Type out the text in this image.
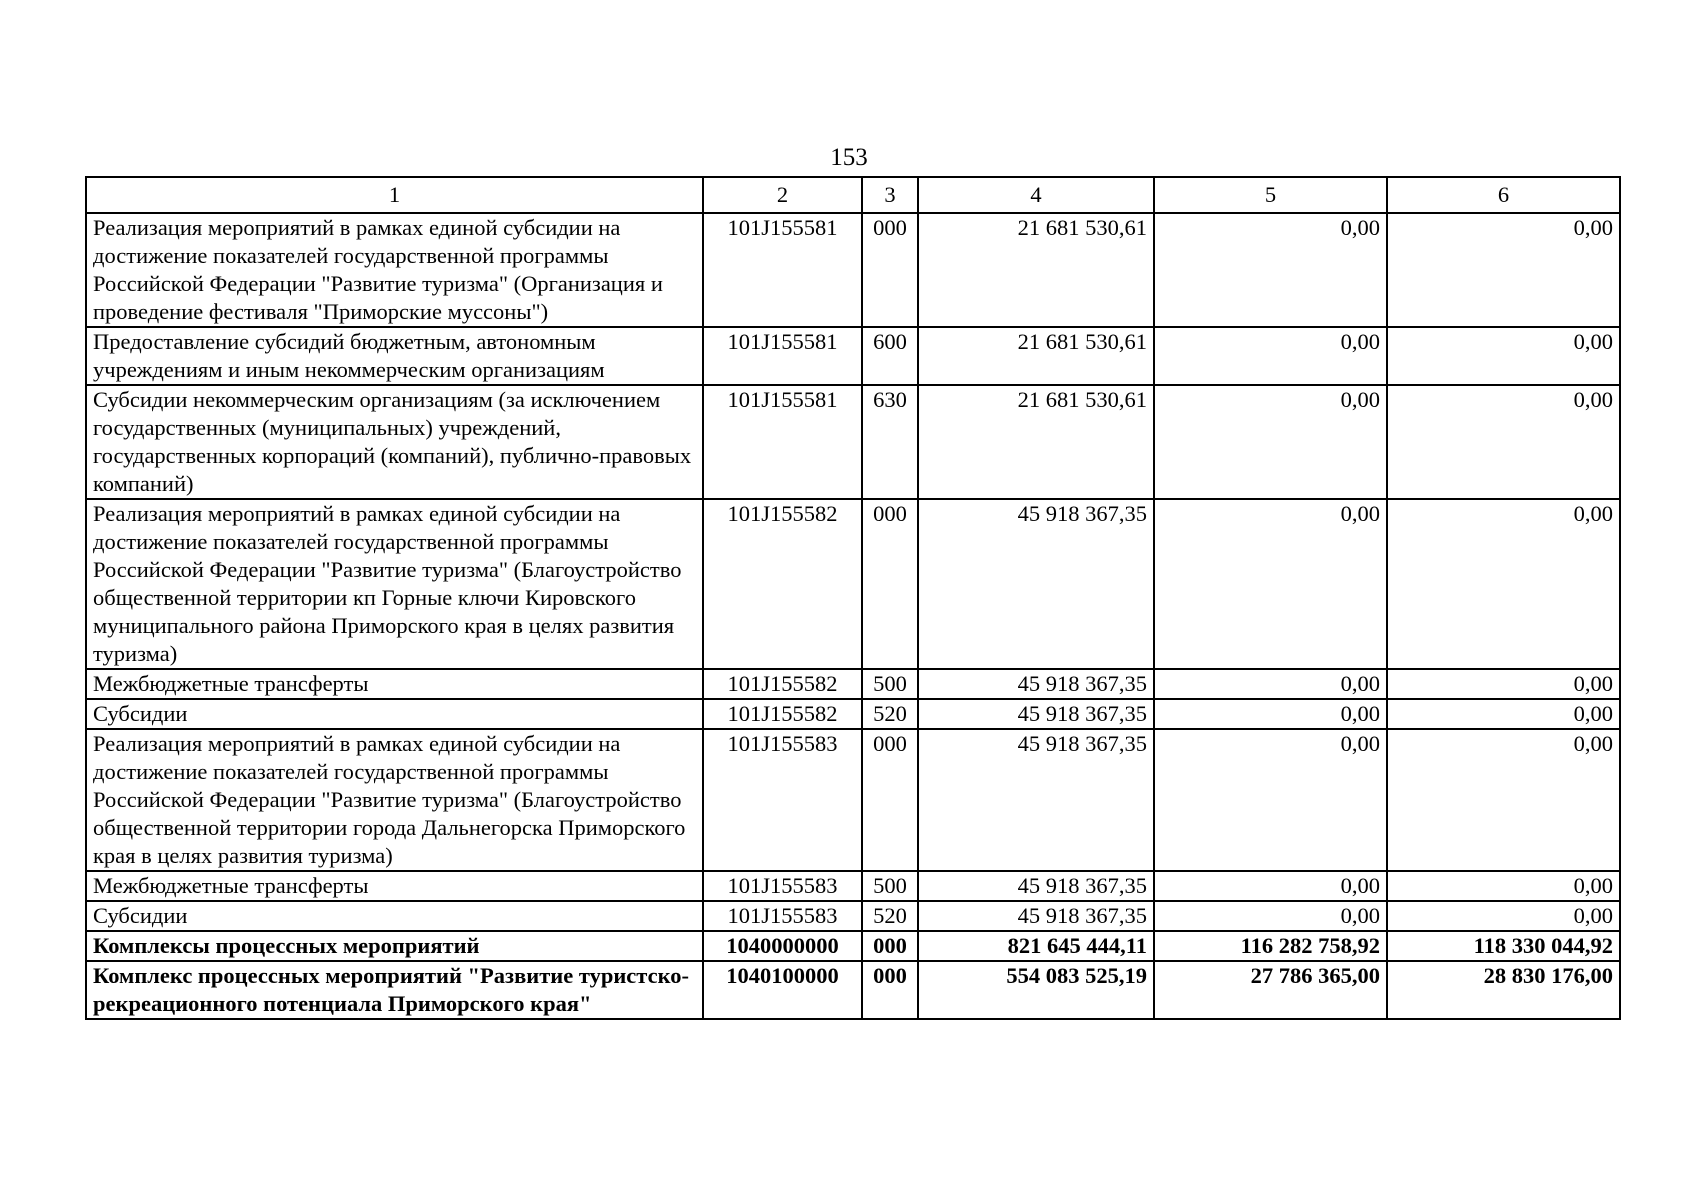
153
1	2	3	4	5	6
Реализация мероприятий в рамках единой субсидии на достижение показателей государственной программы Российской Федерации "Развитие туризма" (Организация и проведение фестиваля "Приморские муссоны")	101J155581	000	21 681 530,61	0,00	0,00
Предоставление субсидий бюджетным, автономным учреждениям и иным некоммерческим организациям	101J155581	600	21 681 530,61	0,00	0,00
Субсидии некоммерческим организациям (за исключением государственных (муниципальных) учреждений, государственных корпораций (компаний), публично-правовых компаний)	101J155581	630	21 681 530,61	0,00	0,00
Реализация мероприятий в рамках единой субсидии на достижение показателей государственной программы Российской Федерации "Развитие туризма" (Благоустройство общественной территории кп Горные ключи Кировского муниципального района Приморского края в целях развития туризма)	101J155582	000	45 918 367,35	0,00	0,00
Межбюджетные трансферты	101J155582	500	45 918 367,35	0,00	0,00
Субсидии	101J155582	520	45 918 367,35	0,00	0,00
Реализация мероприятий в рамках единой субсидии на достижение показателей государственной программы Российской Федерации "Развитие туризма" (Благоустройство общественной территории города Дальнегорска Приморского края в целях развития туризма)	101J155583	000	45 918 367,35	0,00	0,00
Межбюджетные трансферты	101J155583	500	45 918 367,35	0,00	0,00
Субсидии	101J155583	520	45 918 367,35	0,00	0,00
Комплексы процессных мероприятий	1040000000	000	821 645 444,11	116 282 758,92	118 330 044,92
Комплекс процессных мероприятий "Развитие туристско-рекреационного потенциала Приморского края"	1040100000	000	554 083 525,19	27 786 365,00	28 830 176,00
